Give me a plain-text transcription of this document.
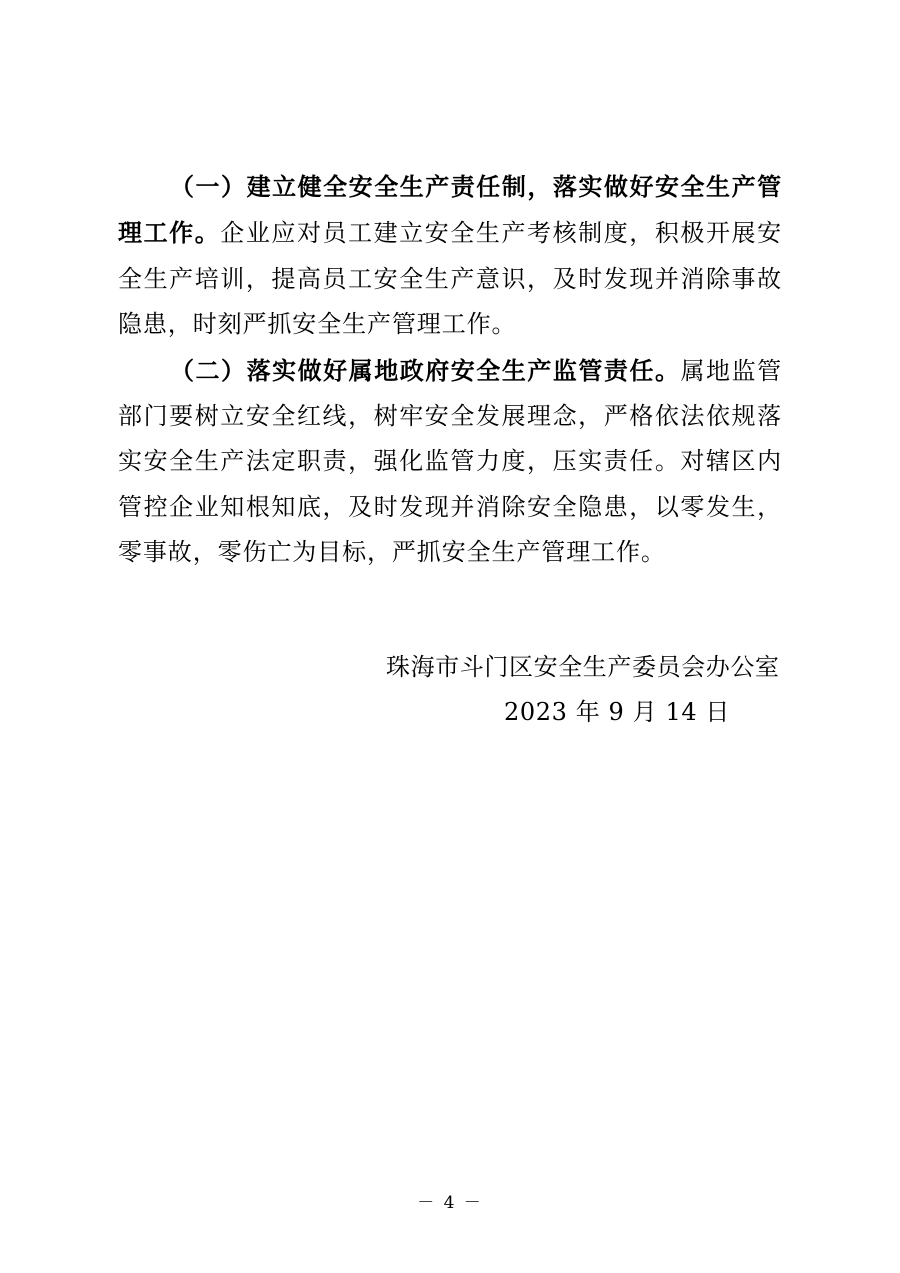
（一）建立健全安全生产责任制，落实做好安全生产管理工作。企业应对员工建立安全生产考核制度，积极开展安全生产培训，提高员工安全生产意识，及时发现并消除事故隐患，时刻严抓安全生产管理工作。

（二）落实做好属地政府安全生产监管责任。属地监管部门要树立安全红线，树牢安全发展理念，严格依法依规落实安全生产法定职责，强化监管力度，压实责任。对辖区内管控企业知根知底，及时发现并消除安全隐患，以零发生，零事故，零伤亡为目标，严抓安全生产管理工作。

珠海市斗门区安全生产委员会办公室
2023 年 9 月 14 日
－ 4 －
